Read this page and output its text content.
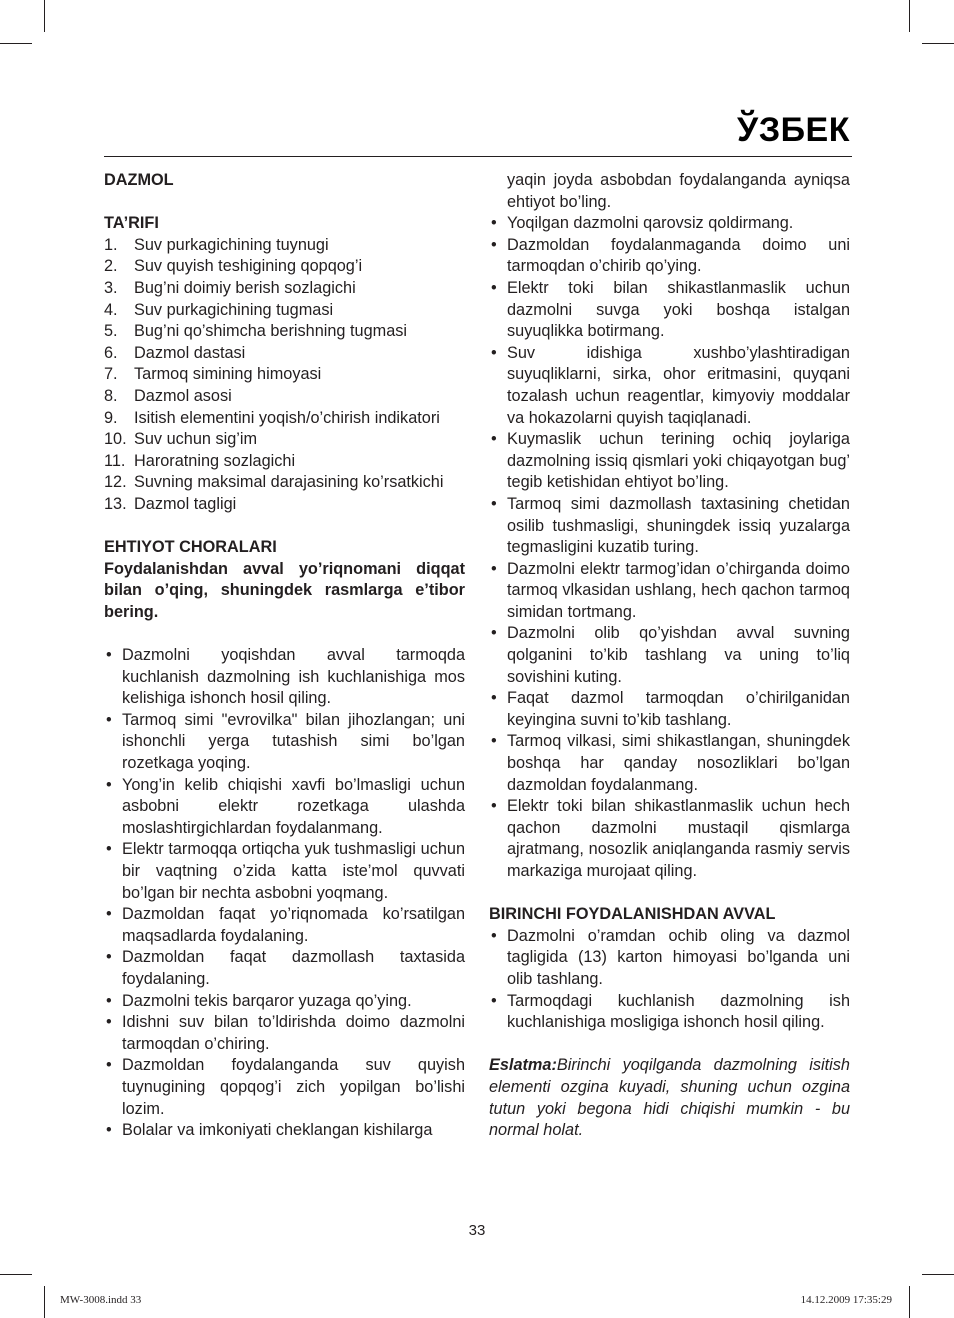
ЎЗБЕК

DAZMOL

TA’RIFI

1. Suv purkagichining tuynugi
2. Suv quyish teshigining qopqog’i
3. Bug’ni doimiy berish sozlagichi
4. Suv purkagichining tugmasi
5. Bug’ni qo’shimcha berishning tugmasi
6. Dazmol dastasi
7. Tarmoq simining himoyasi
8. Dazmol asosi
9. Isitish elementini yoqish/o’chirish indikatori
10. Suv uchun sig’im
11. Haroratning sozlagichi
12. Suvning maksimal darajasining ko’rsatkichi
13. Dazmol tagligi

EHTIYOT CHORALARI

Foydalanishdan avval yo’riqnomani diqqat bilan o’qing, shuningdek rasmlarga e’tibor bering.

• Dazmolni yoqishdan avval tarmoqda kuchlanish dazmolning ish kuchlanishiga mos kelishiga ishonch hosil qiling.
• Tarmoq simi "evrovilka" bilan jihozlangan; uni ishonchli yerga tutashish simi bo’lgan rozetkaga yoqing.
• Yong’in kelib chiqishi xavfi bo’lmasligi uchun asbobni elektr rozetkaga ulashda moslashtirgichlardan foydalanmang.
• Elektr tarmoqqa ortiqcha yuk tushmasligi uchun bir vaqtning o’zida katta iste’mol quvvati bo’lgan bir nechta asbobni yoqmang.
• Dazmoldan faqat yo’riqnomada ko’rsatilgan maqsadlarda foydalaning.
• Dazmoldan faqat dazmollash taxtasida foydalaning.
• Dazmolni tekis barqaror yuzaga qo’ying.
• Idishni suv bilan to’ldirishda doimo dazmolni tarmoqdan o’chiring.
• Dazmoldan foydalanganda suv quyish tuynugining qopqog’i zich yopilgan bo’lishi lozim.
• Bolalar va imkoniyati cheklangan kishilarga

yaqin joyda asbobdan foydalanganda ayniqsa ehtiyot bo’ling.

• Yoqilgan dazmolni qarovsiz qoldirmang.
• Dazmoldan foydalanmaganda doimo uni tarmoqdan o’chirib qo’ying.
• Elektr toki bilan shikastlanmaslik uchun dazmolni suvga yoki boshqa istalgan suyuqlikka botirmang.
• Suv idishiga xushbo’ylashtiradigan suyuqliklarni, sirka, ohor eritmasini, quyqani tozalash uchun reagentlar, kimyoviy moddalar va hokazolarni quyish taqiqlanadi.
• Kuymaslik uchun terining ochiq joylariga dazmolning issiq qismlari yoki chiqayotgan bug’ tegib ketishidan ehtiyot bo’ling.
• Tarmoq simi dazmollash taxtasining chetidan osilib tushmasligi, shuningdek issiq yuzalarga tegmasligini kuzatib turing.
• Dazmolni elektr tarmog’idan o’chirganda doimo tarmoq vlkasidan ushlang, hech qachon tarmoq simidan tortmang.
• Dazmolni olib qo’yishdan avval suvning qolganini to’kib tashlang va uning to’liq sovishini kuting.
• Faqat dazmol tarmoqdan o’chirilganidan keyingina suvni to’kib tashlang.
• Tarmoq vilkasi, simi shikastlangan, shuningdek boshqa har qanday nosozliklari bo’lgan dazmoldan foydalanmang.
• Elektr toki bilan shikastlanmaslik uchun hech qachon dazmolni mustaqil qismlarga ajratmang, nosozlik aniqlanganda rasmiy servis markaziga murojaat qiling.

BIRINCHI FOYDALANISHDAN AVVAL

• Dazmolni o’ramdan ochib oling va dazmol tagligida (13) karton himoyasi bo’lganda uni olib tashlang.
• Tarmoqdagi kuchlanish dazmolning ish kuchlanishiga mosligiga ishonch hosil qiling.

Eslatma:Birinchi yoqilganda dazmolning isitish elementi ozgina kuyadi, shuning uchun ozgina tutun yoki begona hidi chiqishi mumkin - bu normal holat.

33
MW-3008.indd 33	14.12.2009 17:35:29
